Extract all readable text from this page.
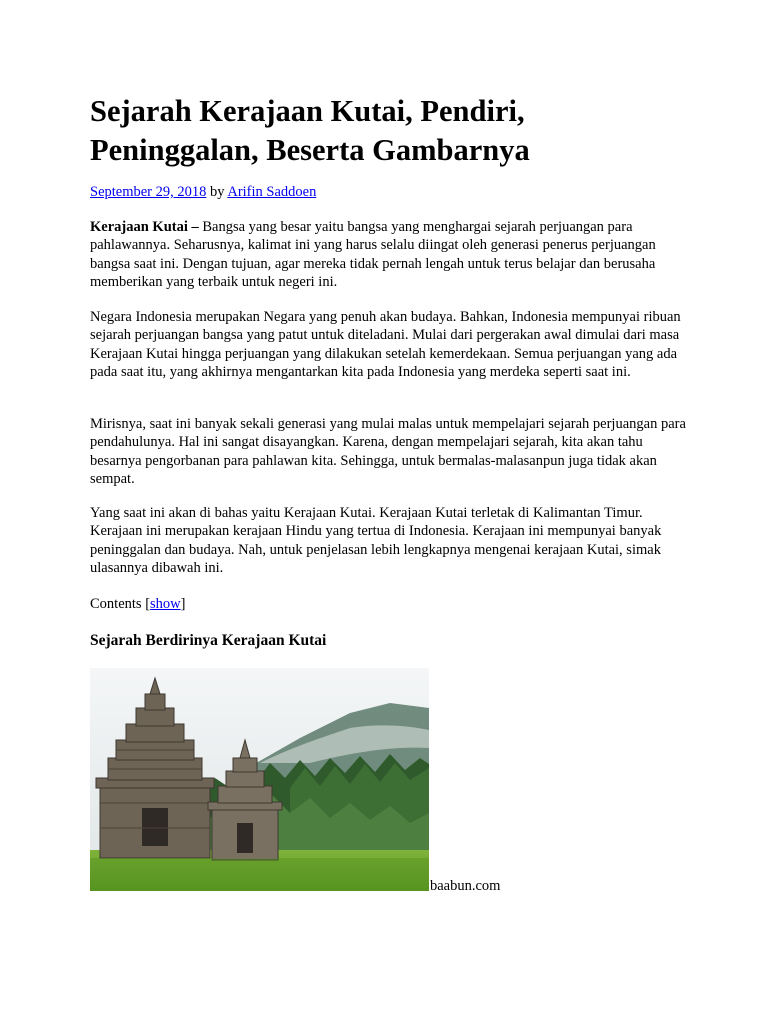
Sejarah Kerajaan Kutai, Pendiri, Peninggalan, Beserta Gambarnya
September 29, 2018 by Arifin Saddoen

Kerajaan Kutai – Bangsa yang besar yaitu bangsa yang menghargai sejarah perjuangan para pahlawannya. Seharusnya, kalimat ini yang harus selalu diingat oleh generasi penerus perjuangan bangsa saat ini. Dengan tujuan, agar mereka tidak pernah lengah untuk terus belajar dan berusaha memberikan yang terbaik untuk negeri ini.

Negara Indonesia merupakan Negara yang penuh akan budaya. Bahkan, Indonesia mempunyai ribuan sejarah perjuangan bangsa yang patut untuk diteladani. Mulai dari pergerakan awal dimulai dari masa Kerajaan Kutai hingga perjuangan yang dilakukan setelah kemerdekaan. Semua perjuangan yang ada pada saat itu, yang akhirnya mengantarkan kita pada Indonesia yang merdeka seperti saat ini.

Mirisnya, saat ini banyak sekali generasi yang mulai malas untuk mempelajari sejarah perjuangan para pendahulunya. Hal ini sangat disayangkan. Karena, dengan mempelajari sejarah, kita akan tahu besarnya pengorbanan para pahlawan kita. Sehingga, untuk bermalas-malasanpun juga tidak akan sempat.

Yang saat ini akan di bahas yaitu Kerajaan Kutai. Kerajaan Kutai terletak di Kalimantan Timur. Kerajaan ini merupakan kerajaan Hindu yang tertua di Indonesia. Kerajaan ini mempunyai banyak peninggalan dan budaya. Nah, untuk penjelasan lebih lengkapnya mengenai kerajaan Kutai, simak ulasannya dibawah ini.

Contents [show]
Sejarah Berdirinya Kerajaan Kutai
baabun.com
